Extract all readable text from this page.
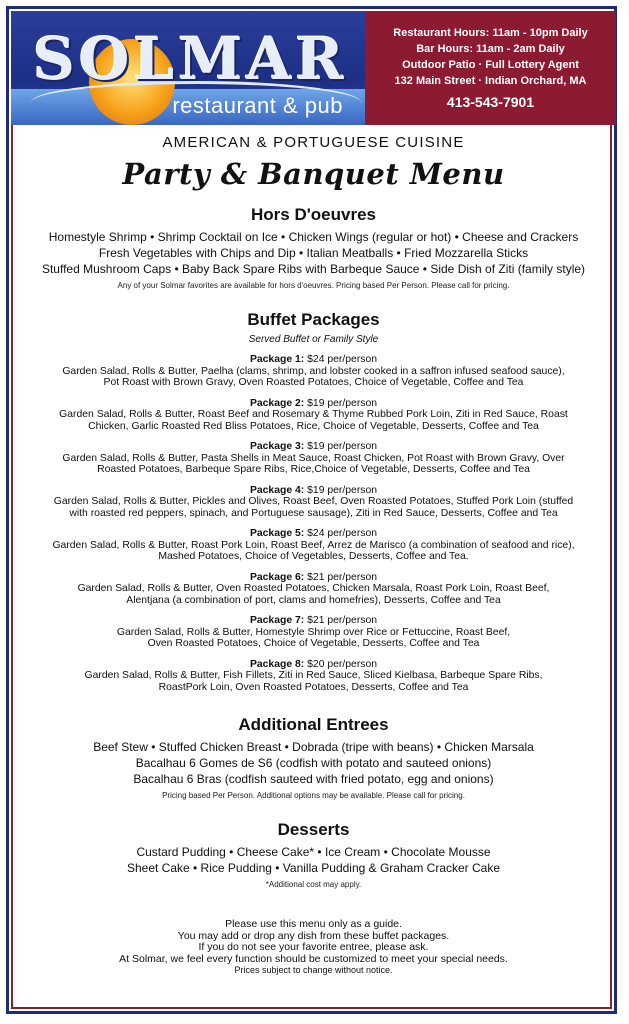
SOLMAR
restaurant & pub
Restaurant Hours: 11am - 10pm Daily
Bar Hours: 11am - 2am Daily
Outdoor Patio · Full Lottery Agent
132 Main Street · Indian Orchard, MA
413-543-7901
AMERICAN & PORTUGUESE CUISINE
Party & Banquet Menu
Hors D'oeuvres
Homestyle Shrimp • Shrimp Cocktail on Ice • Chicken Wings (regular or hot) • Cheese and Crackers
Fresh Vegetables with Chips and Dip • Italian Meatballs • Fried Mozzarella Sticks
Stuffed Mushroom Caps • Baby Back Spare Ribs with Barbeque Sauce • Side Dish of Ziti (family style)
Any of your Solmar favorites are available for hors d'oeuvres. Pricing based Per Person. Please call for pricing.
Buffet Packages
Served Buffet or Family Style
Package 1: $24 per/person
Garden Salad, Rolls & Butter, Paelha (clams, shrimp, and lobster cooked in a saffron infused seafood sauce),
Pot Roast with Brown Gravy, Oven Roasted Potatoes, Choice of Vegetable, Coffee and Tea
Package 2: $19 per/person
Garden Salad, Rolls & Butter, Roast Beef and Rosemary & Thyme Rubbed Pork Loin, Ziti in Red Sauce, Roast
Chicken, Garlic Roasted Red Bliss Potatoes, Rice, Choice of Vegetable, Desserts, Coffee and Tea
Package 3: $19 per/person
Garden Salad, Rolls & Butter, Pasta Shells in Meat Sauce, Roast Chicken, Pot Roast with Brown Gravy, Over
Roasted Potatoes, Barbeque Spare Ribs, Rice,Choice of Vegetable, Desserts, Coffee and Tea
Package 4: $19 per/person
Garden Salad, Rolls & Butter, Pickles and Olives, Roast Beef, Oven Roasted Potatoes, Stuffed Pork Loin (stuffed
with roasted red peppers, spinach, and Portuguese sausage), Ziti in Red Sauce, Desserts, Coffee and Tea
Package 5: $24 per/person
Garden Salad, Rolls & Butter, Roast Pork Loin, Roast Beef, Arrez de Marisco (a combination of seafood and rice),
Mashed Potatoes, Choice of Vegetables, Desserts, Coffee and Tea.
Package 6: $21 per/person
Garden Salad, Rolls & Butter, Oven Roasted Potatoes, Chicken Marsala, Roast Pork Loin, Roast Beef,
Alentjana (a combination of port, clams and homefries), Desserts, Coffee and Tea
Package 7: $21 per/person
Garden Salad, Rolls & Butter, Homestyle Shrimp over Rice or Fettuccine, Roast Beef,
Oven Roasted Potatoes, Choice of Vegetable, Desserts, Coffee and Tea
Package 8: $20 per/person
Garden Salad, Rolls & Butter, Fish Fillets, Ziti in Red Sauce, Sliced Kielbasa, Barbeque Spare Ribs,
RoastPork Loin, Oven Roasted Potatoes, Desserts, Coffee and Tea
Additional Entrees
Beef Stew • Stuffed Chicken Breast • Dobrada (tripe with beans) • Chicken Marsala
Bacalhau 6 Gomes de S6 (codfish with potato and sauteed onions)
Bacalhau 6 Bras (codfish sauteed with fried potato, egg and onions)
Pricing based Per Person. Additional options may be available. Please call for pricing.
Desserts
Custard Pudding • Cheese Cake* • Ice Cream • Chocolate Mousse
Sheet Cake • Rice Pudding • Vanilla Pudding & Graham Cracker Cake
*Additional cost may apply.
Please use this menu only as a guide.
You may add or drop any dish from these buffet packages.
If you do not see your favorite entree, please ask.
At Solmar, we feel every function should be customized to meet your special needs.
Prices subject to change without notice.
